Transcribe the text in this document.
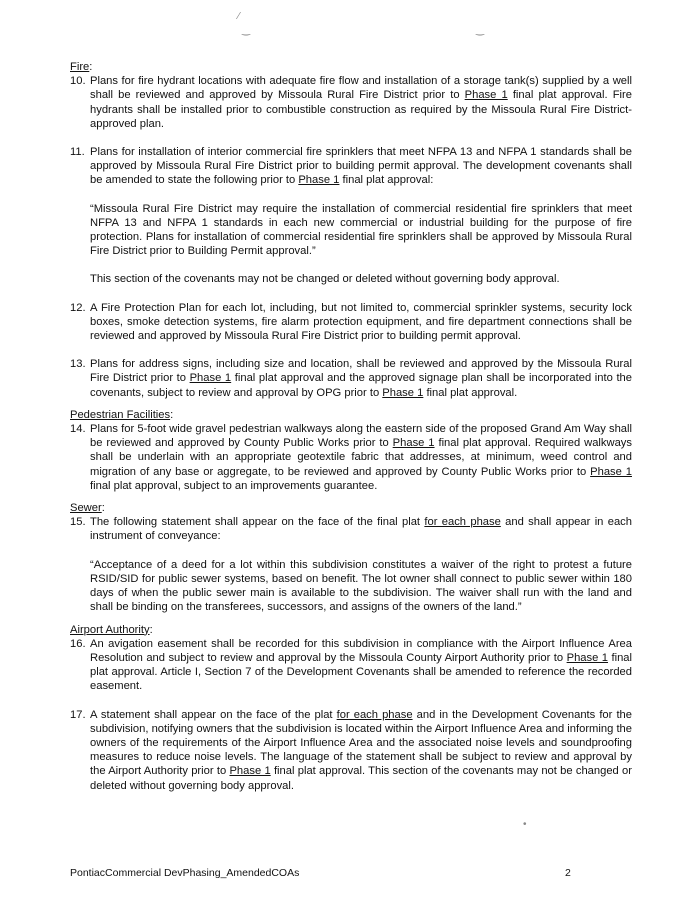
⁄
‿	‿
Fire:
10. Plans for fire hydrant locations with adequate fire flow and installation of a storage tank(s) supplied by a well shall be reviewed and approved by Missoula Rural Fire District prior to Phase 1 final plat approval. Fire hydrants shall be installed prior to combustible construction as required by the Missoula Rural Fire District-approved plan.
11. Plans for installation of interior commercial fire sprinklers that meet NFPA 13 and NFPA 1 standards shall be approved by Missoula Rural Fire District prior to building permit approval. The development covenants shall be amended to state the following prior to Phase 1 final plat approval:
“Missoula Rural Fire District may require the installation of commercial residential fire sprinklers that meet NFPA 13 and NFPA 1 standards in each new commercial or industrial building for the purpose of fire protection. Plans for installation of commercial residential fire sprinklers shall be approved by Missoula Rural Fire District prior to Building Permit approval.”
This section of the covenants may not be changed or deleted without governing body approval.
12. A Fire Protection Plan for each lot, including, but not limited to, commercial sprinkler systems, security lock boxes, smoke detection systems, fire alarm protection equipment, and fire department connections shall be reviewed and approved by Missoula Rural Fire District prior to building permit approval.
13. Plans for address signs, including size and location, shall be reviewed and approved by the Missoula Rural Fire District prior to Phase 1 final plat approval and the approved signage plan shall be incorporated into the covenants, subject to review and approval by OPG prior to Phase 1 final plat approval.
Pedestrian Facilities:
14. Plans for 5-foot wide gravel pedestrian walkways along the eastern side of the proposed Grand Am Way shall be reviewed and approved by County Public Works prior to Phase 1 final plat approval. Required walkways shall be underlain with an appropriate geotextile fabric that addresses, at minimum, weed control and migration of any base or aggregate, to be reviewed and approved by County Public Works prior to Phase 1 final plat approval, subject to an improvements guarantee.
Sewer:
15. The following statement shall appear on the face of the final plat for each phase and shall appear in each instrument of conveyance:
“Acceptance of a deed for a lot within this subdivision constitutes a waiver of the right to protest a future RSID/SID for public sewer systems, based on benefit. The lot owner shall connect to public sewer within 180 days of when the public sewer main is available to the subdivision. The waiver shall run with the land and shall be binding on the transferees, successors, and assigns of the owners of the land.”
Airport Authority:
16. An avigation easement shall be recorded for this subdivision in compliance with the Airport Influence Area Resolution and subject to review and approval by the Missoula County Airport Authority prior to Phase 1 final plat approval. Article I, Section 7 of the Development Covenants shall be amended to reference the recorded easement.
17. A statement shall appear on the face of the plat for each phase and in the Development Covenants for the subdivision, notifying owners that the subdivision is located within the Airport Influence Area and informing the owners of the requirements of the Airport Influence Area and the associated noise levels and soundproofing measures to reduce noise levels. The language of the statement shall be subject to review and approval by the Airport Authority prior to Phase 1 final plat approval. This section of the covenants may not be changed or deleted without governing body approval.
•
PontiacCommercial DevPhasing_AmendedCOAs	2
